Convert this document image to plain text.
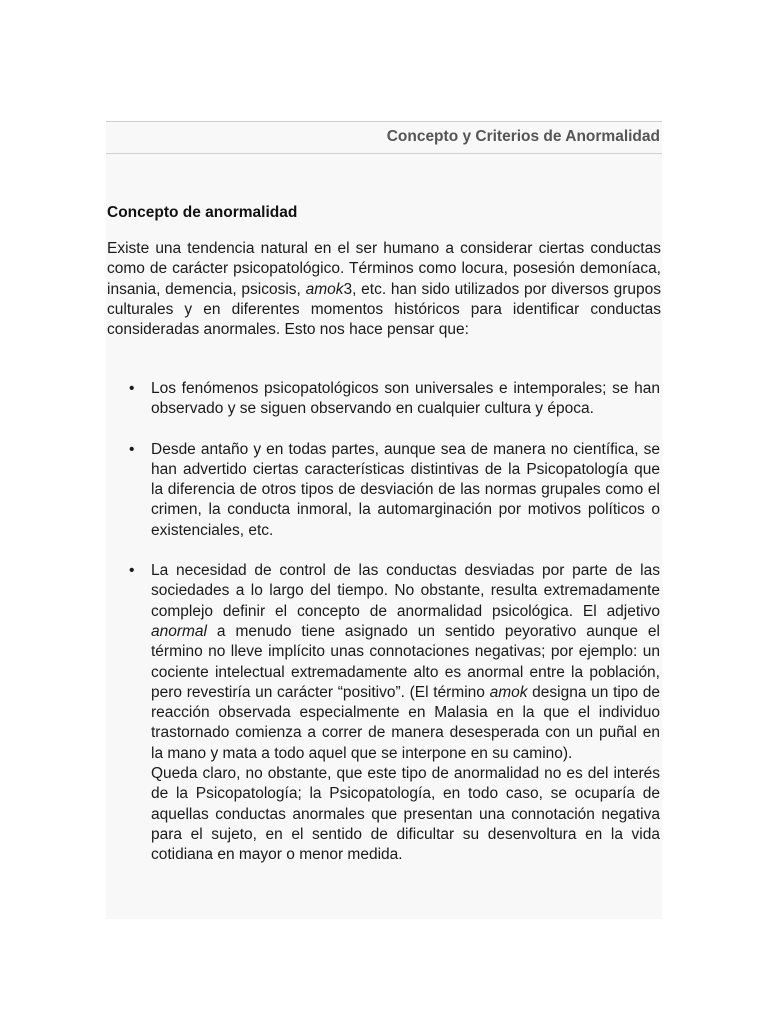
Concepto y Criterios de Anormalidad
Concepto de anormalidad

Existe una tendencia natural en el ser humano a considerar ciertas conductas como de carácter psicopatológico. Términos como locura, posesión demoníaca, insania, demencia, psicosis, amok3, etc. han sido utilizados por diversos grupos culturales y en diferentes momentos históricos para identificar conductas consideradas anormales. Esto nos hace pensar que:

• Los fenómenos psicopatológicos son universales e intemporales; se han observado y se siguen observando en cualquier cultura y época.

• Desde antaño y en todas partes, aunque sea de manera no científica, se han advertido ciertas características distintivas de la Psicopatología que la diferencia de otros tipos de desviación de las normas grupales como el crimen, la conducta inmoral, la automarginación por motivos políticos o existenciales, etc.

• La necesidad de control de las conductas desviadas por parte de las sociedades a lo largo del tiempo. No obstante, resulta extremadamente complejo definir el concepto de anormalidad psicológica. El adjetivo anormal a menudo tiene asignado un sentido peyorativo aunque el término no lleve implícito unas connotaciones negativas; por ejemplo: un cociente intelectual extremadamente alto es anormal entre la población, pero revestiría un carácter “positivo”. (El término amok designa un tipo de reacción observada especialmente en Malasia en la que el individuo trastornado comienza a correr de manera desesperada con un puñal en la mano y mata a todo aquel que se interpone en su camino).

Queda claro, no obstante, que este tipo de anormalidad no es del interés de la Psicopatología; la Psicopatología, en todo caso, se ocuparía de aquellas conductas anormales que presentan una connotación negativa para el sujeto, en el sentido de dificultar su desenvoltura en la vida cotidiana en mayor o menor medida.
